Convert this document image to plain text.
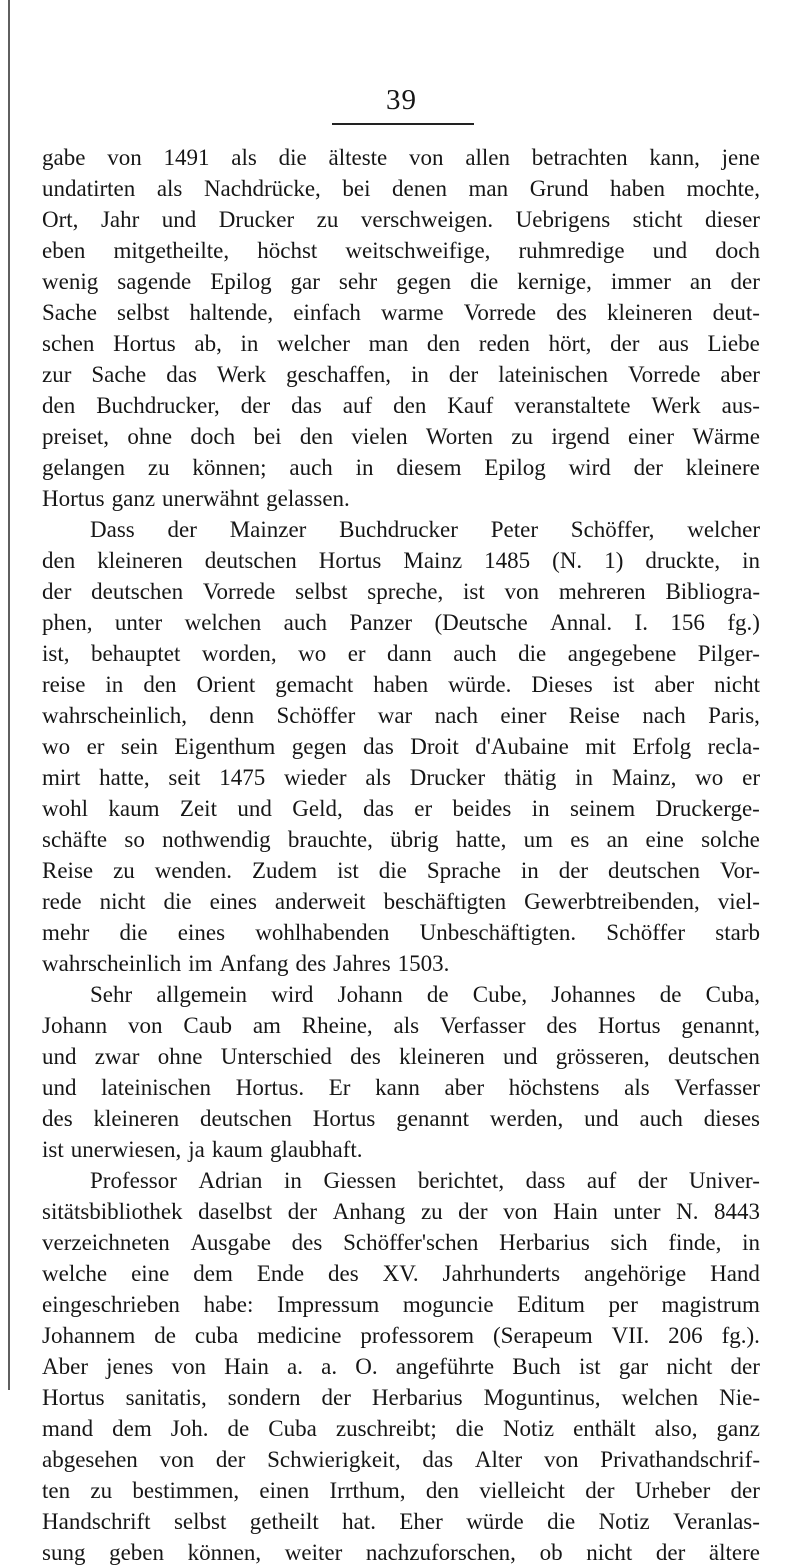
39
gabe von 1491 als die älteste von allen betrachten kann, jene
undatirten als Nachdrücke, bei denen man Grund haben mochte,
Ort, Jahr und Drucker zu verschweigen. Uebrigens sticht dieser
eben mitgetheilte, höchst weitschweifige, ruhmredige und doch
wenig sagende Epilog gar sehr gegen die kernige, immer an der
Sache selbst haltende, einfach warme Vorrede des kleineren deut-
schen Hortus ab, in welcher man den reden hört, der aus Liebe
zur Sache das Werk geschaffen, in der lateinischen Vorrede aber
den Buchdrucker, der das auf den Kauf veranstaltete Werk aus-
preiset, ohne doch bei den vielen Worten zu irgend einer Wärme
gelangen zu können; auch in diesem Epilog wird der kleinere
Hortus ganz unerwähnt gelassen.
Dass der Mainzer Buchdrucker Peter Schöffer, welcher
den kleineren deutschen Hortus Mainz 1485 (N. 1) druckte, in
der deutschen Vorrede selbst spreche, ist von mehreren Bibliogra-
phen, unter welchen auch Panzer (Deutsche Annal. I. 156 fg.)
ist, behauptet worden, wo er dann auch die angegebene Pilger-
reise in den Orient gemacht haben würde. Dieses ist aber nicht
wahrscheinlich, denn Schöffer war nach einer Reise nach Paris,
wo er sein Eigenthum gegen das Droit d'Aubaine mit Erfolg recla-
mirt hatte, seit 1475 wieder als Drucker thätig in Mainz, wo er
wohl kaum Zeit und Geld, das er beides in seinem Druckerge-
schäfte so nothwendig brauchte, übrig hatte, um es an eine solche
Reise zu wenden. Zudem ist die Sprache in der deutschen Vor-
rede nicht die eines anderweit beschäftigten Gewerbtreibenden, viel-
mehr die eines wohlhabenden Unbeschäftigten. Schöffer starb
wahrscheinlich im Anfang des Jahres 1503.
Sehr allgemein wird Johann de Cube, Johannes de Cuba,
Johann von Caub am Rheine, als Verfasser des Hortus genannt,
und zwar ohne Unterschied des kleineren und grösseren, deutschen
und lateinischen Hortus. Er kann aber höchstens als Verfasser
des kleineren deutschen Hortus genannt werden, und auch dieses
ist unerwiesen, ja kaum glaubhaft.
Professor Adrian in Giessen berichtet, dass auf der Univer-
sitätsbibliothek daselbst der Anhang zu der von Hain unter N. 8443
verzeichneten Ausgabe des Schöffer'schen Herbarius sich finde, in
welche eine dem Ende des XV. Jahrhunderts angehörige Hand
eingeschrieben habe: Impressum moguncie Editum per magistrum
Johannem de cuba medicine professorem (Serapeum VII. 206 fg.).
Aber jenes von Hain a. a. O. angeführte Buch ist gar nicht der
Hortus sanitatis, sondern der Herbarius Moguntinus, welchen Nie-
mand dem Joh. de Cuba zuschreibt; die Notiz enthält also, ganz
abgesehen von der Schwierigkeit, das Alter von Privathandschrif-
ten zu bestimmen, einen Irrthum, den vielleicht der Urheber der
Handschrift selbst getheilt hat. Eher würde die Notiz Veranlas-
sung geben können, weiter nachzuforschen, ob nicht der ältere
